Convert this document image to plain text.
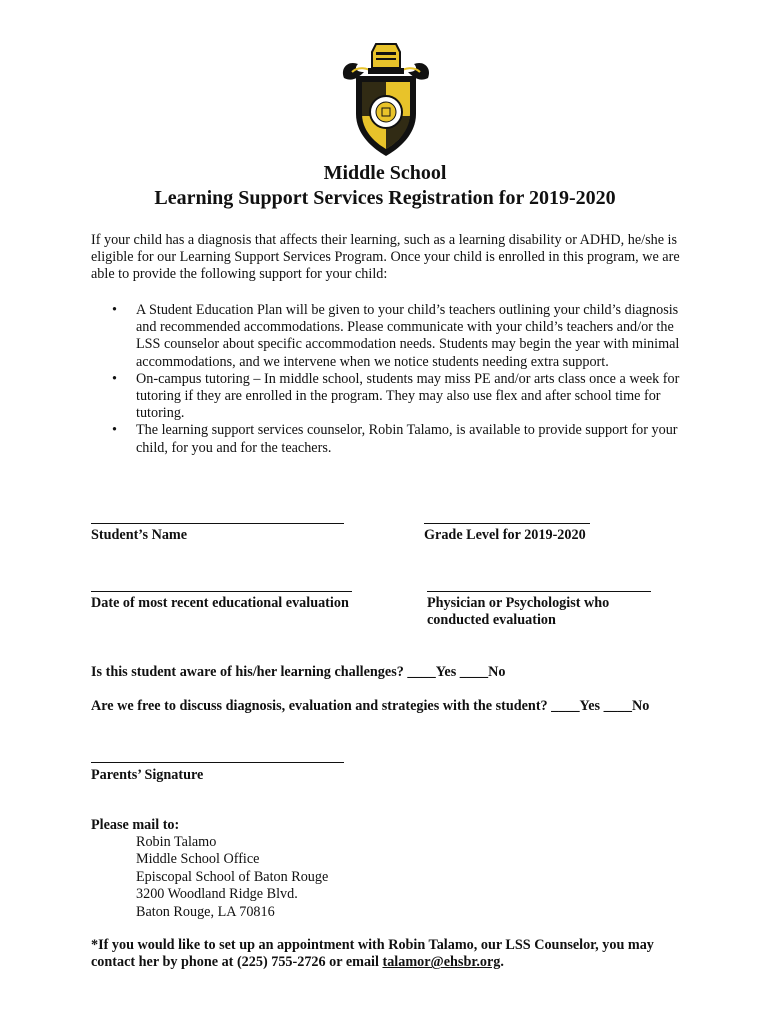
Middle School
Learning Support Services Registration for 2019-2020
If your child has a diagnosis that affects their learning, such as a learning disability or ADHD, he/she is eligible for our Learning Support Services Program. Once your child is enrolled in this program, we are able to provide the following support for your child:
• A Student Education Plan will be given to your child’s teachers outlining your child’s diagnosis and recommended accommodations. Please communicate with your child’s teachers and/or the LSS counselor about specific accommodation needs. Students may begin the year with minimal accommodations, and we intervene when we notice students needing extra support.
• On-campus tutoring – In middle school, students may miss PE and/or arts class once a week for tutoring if they are enrolled in the program. They may also use flex and after school time for tutoring.
• The learning support services counselor, Robin Talamo, is available to provide support for your child, for you and for the teachers.
Student’s Name	Grade Level for 2019-2020
Date of most recent educational evaluation	Physician or Psychologist who conducted evaluation
Is this student aware of his/her learning challenges? ____Yes ____No
Are we free to discuss diagnosis, evaluation and strategies with the student? ____Yes ____No
Parents’ Signature
Please mail to:
Robin Talamo
Middle School Office
Episcopal School of Baton Rouge
3200 Woodland Ridge Blvd.
Baton Rouge, LA 70816
*If you would like to set up an appointment with Robin Talamo, our LSS Counselor, you may contact her by phone at (225) 755-2726 or email talamor@ehsbr.org.
